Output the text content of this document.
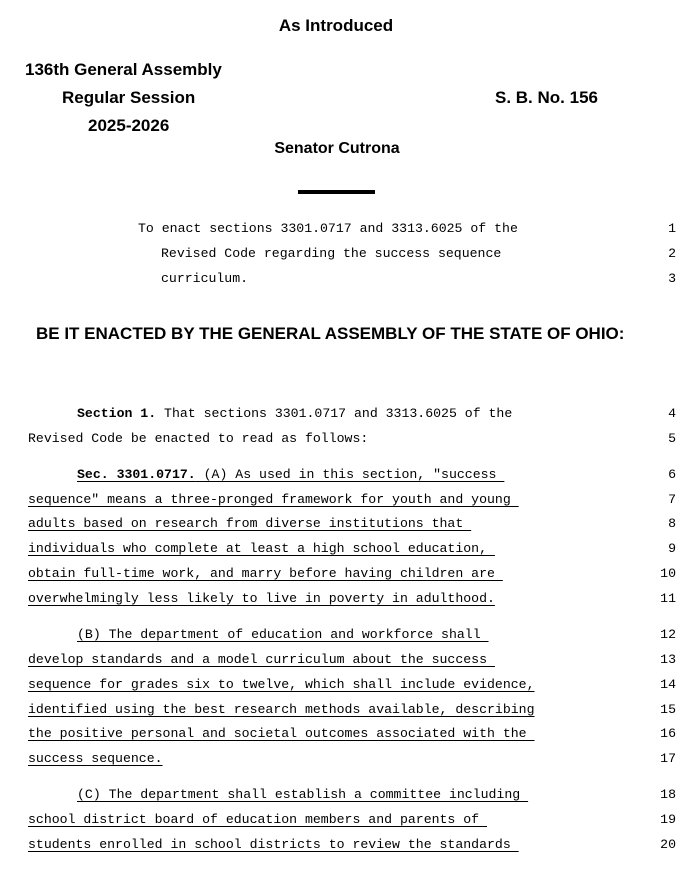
As Introduced
136th General Assembly
Regular Session
2025-2026
S. B. No. 156
Senator Cutrona
To enact sections 3301.0717 and 3313.6025 of the	1
Revised Code regarding the success sequence	2
curriculum.	3
BE IT ENACTED BY THE GENERAL ASSEMBLY OF THE STATE OF OHIO:
Section 1. That sections 3301.0717 and 3313.6025 of the	4
Revised Code be enacted to read as follows:	5
Sec. 3301.0717. (A) As used in this section, "success	6
sequence" means a three-pronged framework for youth and young	7
adults based on research from diverse institutions that	8
individuals who complete at least a high school education,	9
obtain full-time work, and marry before having children are	10
overwhelmingly less likely to live in poverty in adulthood.	11
(B) The department of education and workforce shall	12
develop standards and a model curriculum about the success	13
sequence for grades six to twelve, which shall include evidence,	14
identified using the best research methods available, describing	15
the positive personal and societal outcomes associated with the	16
success sequence.	17
(C) The department shall establish a committee including	18
school district board of education members and parents of	19
students enrolled in school districts to review the standards	20
